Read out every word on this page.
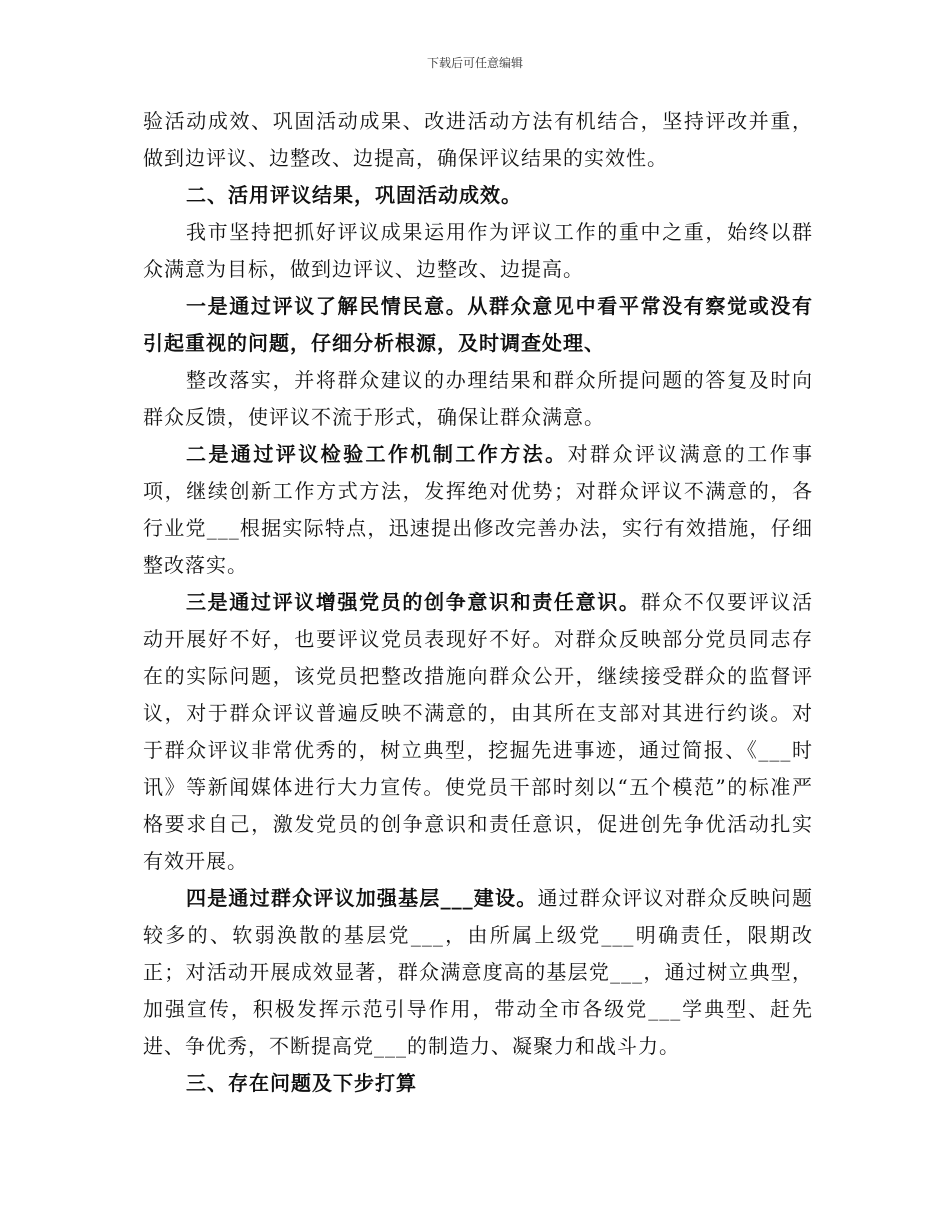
下载后可任意编辑

验活动成效、巩固活动成果、改进活动方法有机结合，坚持评改并重，做到边评议、边整改、边提高，确保评议结果的实效性。

二、活用评议结果，巩固活动成效。

我市坚持把抓好评议成果运用作为评议工作的重中之重，始终以群众满意为目标，做到边评议、边整改、边提高。

一是通过评议了解民情民意。从群众意见中看平常没有察觉或没有引起重视的问题，仔细分析根源，及时调查处理、

整改落实，并将群众建议的办理结果和群众所提问题的答复及时向群众反馈，使评议不流于形式，确保让群众满意。

二是通过评议检验工作机制工作方法。对群众评议满意的工作事项，继续创新工作方式方法，发挥绝对优势；对群众评议不满意的，各行业党___根据实际特点，迅速提出修改完善办法，实行有效措施，仔细整改落实。

三是通过评议增强党员的创争意识和责任意识。群众不仅要评议活动开展好不好，也要评议党员表现好不好。对群众反映部分党员同志存在的实际问题，该党员把整改措施向群众公开，继续接受群众的监督评议，对于群众评议普遍反映不满意的，由其所在支部对其进行约谈。对于群众评议非常优秀的，树立典型，挖掘先进事迹，通过简报、《___时讯》等新闻媒体进行大力宣传。使党员干部时刻以“五个模范”的标准严格要求自己，激发党员的创争意识和责任意识，促进创先争优活动扎实有效开展。

四是通过群众评议加强基层___建设。通过群众评议对群众反映问题较多的、软弱涣散的基层党___，由所属上级党___明确责任，限期改正；对活动开展成效显著，群众满意度高的基层党___，通过树立典型，加强宣传，积极发挥示范引导作用，带动全市各级党___学典型、赶先进、争优秀，不断提高党___的制造力、凝聚力和战斗力。

三、存在问题及下步打算
